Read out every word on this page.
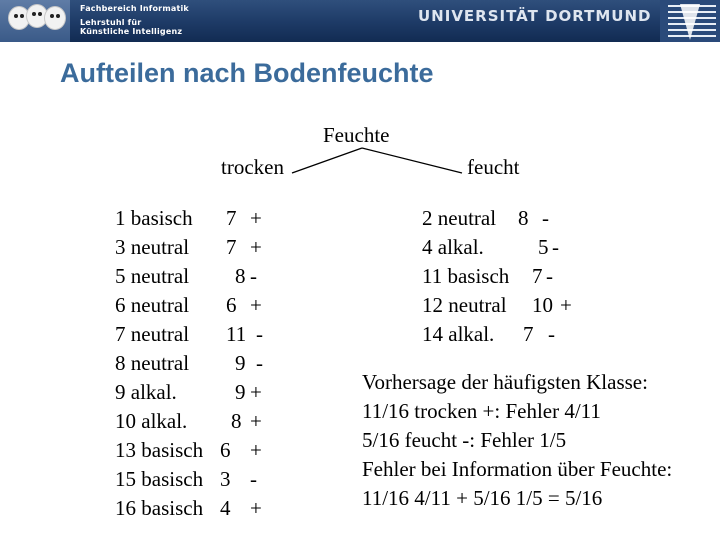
Fachbereich Informatik
Lehrstuhl für
Künstliche Intelligenz
UNIVERSITÄT DORTMUND
Aufteilen nach Bodenfeuchte
Feuchte
trocken	feucht
1 basisch 7 +
3 neutral 7 +
5 neutral 8 -
6 neutral 6 +
7 neutral 11 -
8 neutral 9 -
9 alkal.	9 +
10 alkal. 8 +
13 basisch 6 +
15 basisch 3 -
16 basisch 4 +
2 neutral 8 -
4 alkal.	5 -
11 basisch 7 -
12 neutral 10 +
14 alkal. 7 -
Vorhersage der häufigsten Klasse:
11/16 trocken +: Fehler 4/11
5/16 feucht -: Fehler 1/5
Fehler bei Information über Feuchte:
11/16 4/11 + 5/16 1/5 = 5/16
